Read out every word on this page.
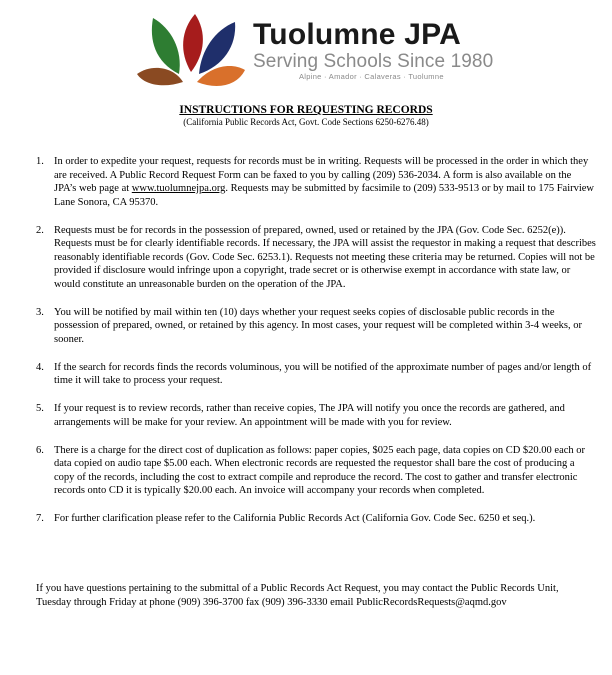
Tuolumne JPA
Serving Schools Since 1980
Alpine · Amador · Calaveras · Tuolumne
INSTRUCTIONS FOR REQUESTING RECORDS
(California Public Records Act, Govt. Code Sections 6250-6276.48)
1. In order to expedite your request, requests for records must be in writing. Requests will be processed in the order in which they are received. A Public Record Request Form can be faxed to you by calling (209) 536-2034. A form is also available on the JPA’s web page at www.tuolumnejpa.org. Requests may be submitted by facsimile to (209) 533-9513 or by mail to 175 Fairview Lane Sonora, CA 95370.
2. Requests must be for records in the possession of prepared, owned, used or retained by the JPA (Gov. Code Sec. 6252(e)). Requests must be for clearly identifiable records. If necessary, the JPA will assist the requestor in making a request that describes reasonably identifiable records (Gov. Code Sec. 6253.1). Requests not meeting these criteria may be returned. Copies will not be provided if disclosure would infringe upon a copyright, trade secret or is otherwise exempt in accordance with state law, or would constitute an unreasonable burden on the operation of the JPA.
3. You will be notified by mail within ten (10) days whether your request seeks copies of disclosable public records in the possession of prepared, owned, or retained by this agency. In most cases, your request will be completed within 3-4 weeks, or sooner.
4. If the search for records finds the records voluminous, you will be notified of the approximate number of pages and/or length of time it will take to process your request.
5. If your request is to review records, rather than receive copies, The JPA will notify you once the records are gathered, and arrangements will be make for your review. An appointment will be made with you for review.
6. There is a charge for the direct cost of duplication as follows: paper copies, $025 each page, data copies on CD $20.00 each or data copied on audio tape $5.00 each. When electronic records are requested the requestor shall bare the cost of producing a copy of the records, including the cost to extract compile and reproduce the record. The cost to gather and transfer electronic records onto CD it is typically $20.00 each. An invoice will accompany your records when completed.
7. For further clarification please refer to the California Public Records Act (California Gov. Code Sec. 6250 et seq.).
If you have questions pertaining to the submittal of a Public Records Act Request, you may contact the Public Records Unit, Tuesday through Friday at phone (909) 396-3700 fax (909) 396-3330 email PublicRecordsRequests@aqmd.gov
